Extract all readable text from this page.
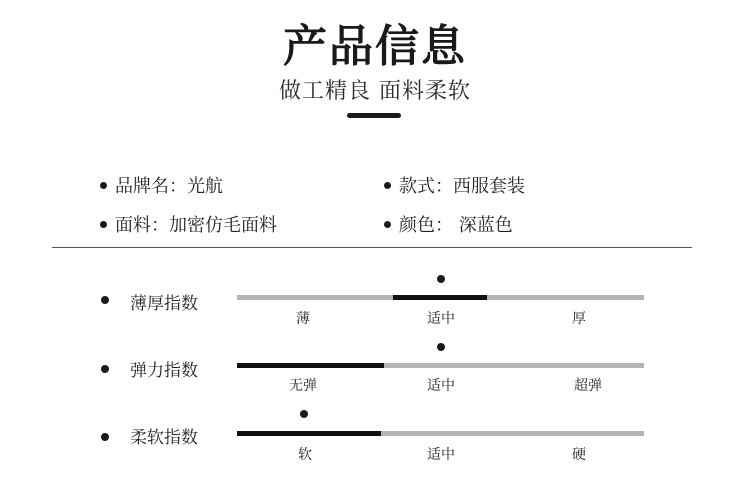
产品信息
做工精良 面料柔软
品牌名：光航	款式：西服套装
面料：加密仿毛面料	颜色： 深蓝色
薄厚指数
薄	适中	厚
弹力指数
无弹	适中	超弹
柔软指数
软	适中	硬
